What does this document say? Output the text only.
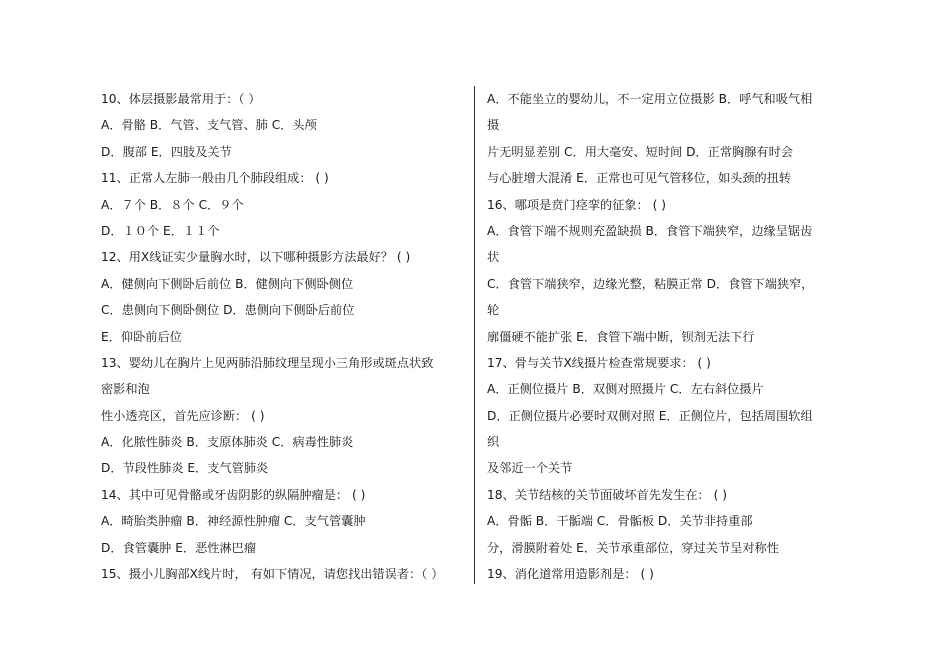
10、体层摄影最常用于：（ ）
A．骨骼 B．气管、支气管、肺 C．头颅
D．腹部 E．四肢及关节
11、正常人左肺一般由几个肺段组成： ( )
A．７个 B．８个 C．９个
D．１０个 E．１１个
12、用X线证实少量胸水时，以下哪种摄影方法最好？ ( )
A．健侧向下侧卧后前位 B．健侧向下侧卧侧位
C．患侧向下侧卧侧位 D．患侧向下侧卧后前位
E．仰卧前后位
13、婴幼儿在胸片上见两肺沿肺纹理呈现小三角形或斑点状致
密影和泡
性小透亮区，首先应诊断： ( )
A．化脓性肺炎 B．支原体肺炎 C．病毒性肺炎
D．节段性肺炎 E．支气管肺炎
14、其中可见骨骼或牙齿阴影的纵隔肿瘤是： ( )
A．畸胎类肿瘤 B．神经源性肿瘤 C．支气管囊肿
D．食管囊肿 E．恶性淋巴瘤
15、摄小儿胸部X线片时， 有如下情况，请您找出错误者：（ ）
A．不能坐立的婴幼儿，不一定用立位摄影 B．呼气和吸气相
摄
片无明显差别 C．用大毫安、短时间 D．正常胸腺有时会
与心脏增大混淆 E．正常也可见气管移位，如头颈的扭转
16、哪项是贲门痉挛的征象： ( )
A．食管下端不规则充盈缺损 B．食管下端狭窄，边缘呈锯齿
状
C．食管下端狭窄，边缘光整，粘膜正常 D．食管下端狭窄，
轮
廓僵硬不能扩张 E．食管下端中断，钡剂无法下行
17、骨与关节X线摄片检查常规要求： ( )
A．正侧位摄片 B．双侧对照摄片 C．左右斜位摄片
D．正侧位摄片必要时双侧对照 E．正侧位片，包括周围软组
织
及邻近一个关节
18、关节结核的关节面破坏首先发生在： ( )
A．骨骺 B．干骺端 C．骨骺板 D．关节非持重部
分，滑膜附着处 E．关节承重部位，穿过关节呈对称性
19、消化道常用造影剂是： ( )
